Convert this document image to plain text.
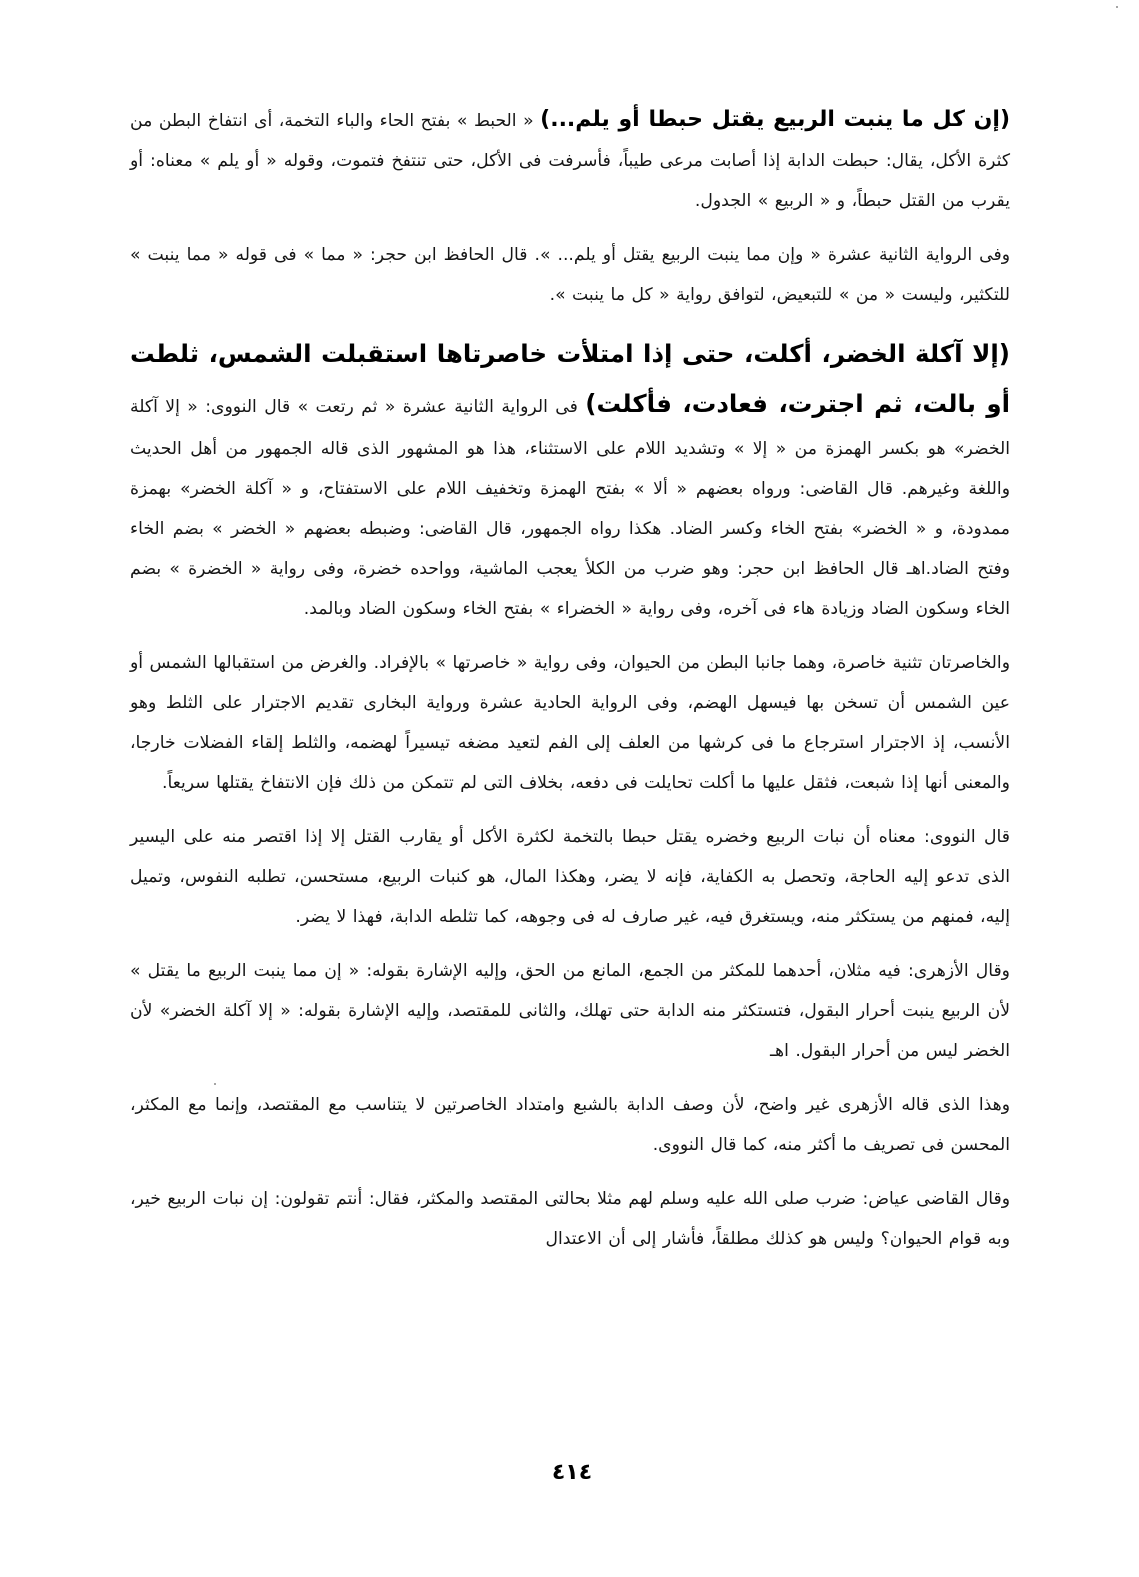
(إن كل ما ينبت الربيع يقتل حبطا أو يلم...) « الحبط » بفتح الحاء والباء التخمة، أى انتفاخ البطن من كثرة الأكل، يقال: حبطت الدابة إذا أصابت مرعى طيباً، فأسرفت فى الأكل، حتى تنتفخ فتموت، وقوله « أو يلم » معناه: أو يقرب من القتل حبطاً، و « الربيع » الجدول.

وفى الرواية الثانية عشرة « وإن مما ينبت الربيع يقتل أو يلم... ». قال الحافظ ابن حجر: « مما » فى قوله « مما ينبت » للتكثير، وليست « من » للتبعيض، لتوافق رواية « كل ما ينبت ».

(إلا آكلة الخضر، أكلت، حتى إذا امتلأت خاصرتاها استقبلت الشمس، ثلطت أو بالت، ثم اجترت، فعادت، فأكلت) فى الرواية الثانية عشرة « ثم رتعت » قال النووى: « إلا آكلة الخضر» هو بكسر الهمزة من « إلا » وتشديد اللام على الاستثناء، هذا هو المشهور الذى قاله الجمهور من أهل الحديث واللغة وغيرهم. قال القاضى: ورواه بعضهم « ألا » بفتح الهمزة وتخفيف اللام على الاستفتاح، و « آكلة الخضر» بهمزة ممدودة، و « الخضر» بفتح الخاء وكسر الضاد. هكذا رواه الجمهور، قال القاضى: وضبطه بعضهم « الخضر » بضم الخاء وفتح الضاد.اهـ قال الحافظ ابن حجر: وهو ضرب من الكلأ يعجب الماشية، وواحده خضرة، وفى رواية « الخضرة » بضم الخاء وسكون الضاد وزيادة هاء فى آخره، وفى رواية « الخضراء » بفتح الخاء وسكون الضاد وبالمد.

والخاصرتان تثنية خاصرة، وهما جانبا البطن من الحيوان، وفى رواية « خاصرتها » بالإفراد. والغرض من استقبالها الشمس أو عين الشمس أن تسخن بها فيسهل الهضم، وفى الرواية الحادية عشرة ورواية البخارى تقديم الاجترار على الثلط وهو الأنسب، إذ الاجترار استرجاع ما فى كرشها من العلف إلى الفم لتعيد مضغه تيسيراً لهضمه، والثلط إلقاء الفضلات خارجا، والمعنى أنها إذا شبعت، فثقل عليها ما أكلت تحايلت فى دفعه، بخلاف التى لم تتمكن من ذلك فإن الانتفاخ يقتلها سريعاً.

قال النووى: معناه أن نبات الربيع وخضره يقتل حبطا بالتخمة لكثرة الأكل أو يقارب القتل إلا إذا اقتصر منه على اليسير الذى تدعو إليه الحاجة، وتحصل به الكفاية، فإنه لا يضر، وهكذا المال، هو كنبات الربيع، مستحسن، تطلبه النفوس، وتميل إليه، فمنهم من يستكثر منه، ويستغرق فيه، غير صارف له فى وجوهه، كما تثلطه الدابة، فهذا لا يضر.

وقال الأزهرى: فيه مثلان، أحدهما للمكثر من الجمع، المانع من الحق، وإليه الإشارة بقوله: « إن مما ينبت الربيع ما يقتل » لأن الربيع ينبت أحرار البقول، فتستكثر منه الدابة حتى تهلك، والثانى للمقتصد، وإليه الإشارة بقوله: « إلا آكلة الخضر» لأن الخضر ليس من أحرار البقول. اهـ

وهذا الذى قاله الأزهرى غير واضح، لأن وصف الدابة بالشبع وامتداد الخاصرتين لا يتناسب مع المقتصد، وإنما مع المكثر، المحسن فى تصريف ما أكثر منه، كما قال النووى.

وقال القاضى عياض: ضرب صلى الله عليه وسلم لهم مثلا بحالتى المقتصد والمكثر، فقال: أنتم تقولون: إن نبات الربيع خير، وبه قوام الحيوان؟ وليس هو كذلك مطلقاً، فأشار إلى أن الاعتدال

٤١٤
